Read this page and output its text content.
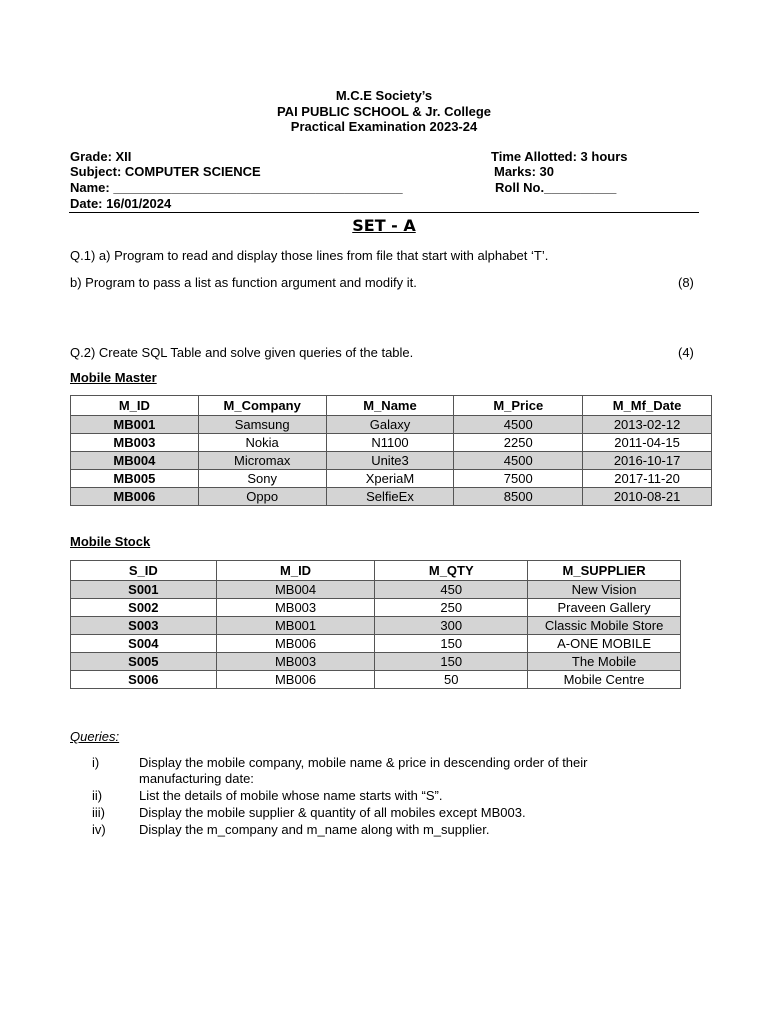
M.C.E Society’s
PAI PUBLIC SCHOOL & Jr. College
Practical Examination 2023-24
Grade: XII
Subject: COMPUTER SCIENCE
Name: ________________________________________
Date: 16/01/2024
Time Allotted: 3 hours
Marks: 30
Roll No.__________
SET - A
Q.1) a) Program to read and display those lines from file that start with alphabet ‘T’.
b) Program to pass a list as function argument and modify it.	(8)
Q.2) Create SQL Table and solve given queries of the table.	(4)
Mobile Master
M_ID	M_Company	M_Name	M_Price	M_Mf_Date
MB001	Samsung	Galaxy	4500	2013-02-12
MB003	Nokia	N1100	2250	2011-04-15
MB004	Micromax	Unite3	4500	2016-10-17
MB005	Sony	XperiaM	7500	2017-11-20
MB006	Oppo	SelfieEx	8500	2010-08-21
Mobile Stock
S_ID	M_ID	M_QTY	M_SUPPLIER
S001	MB004	450	New Vision
S002	MB003	250	Praveen Gallery
S003	MB001	300	Classic Mobile Store
S004	MB006	150	A-ONE MOBILE
S005	MB003	150	The Mobile
S006	MB006	50	Mobile Centre
Queries:
i)	Display the mobile company, mobile name & price in descending order of their manufacturing date:
ii)	List the details of mobile whose name starts with “S”.
iii)	Display the mobile supplier & quantity of all mobiles except MB003.
iv)	Display the m_company and m_name along with m_supplier.
